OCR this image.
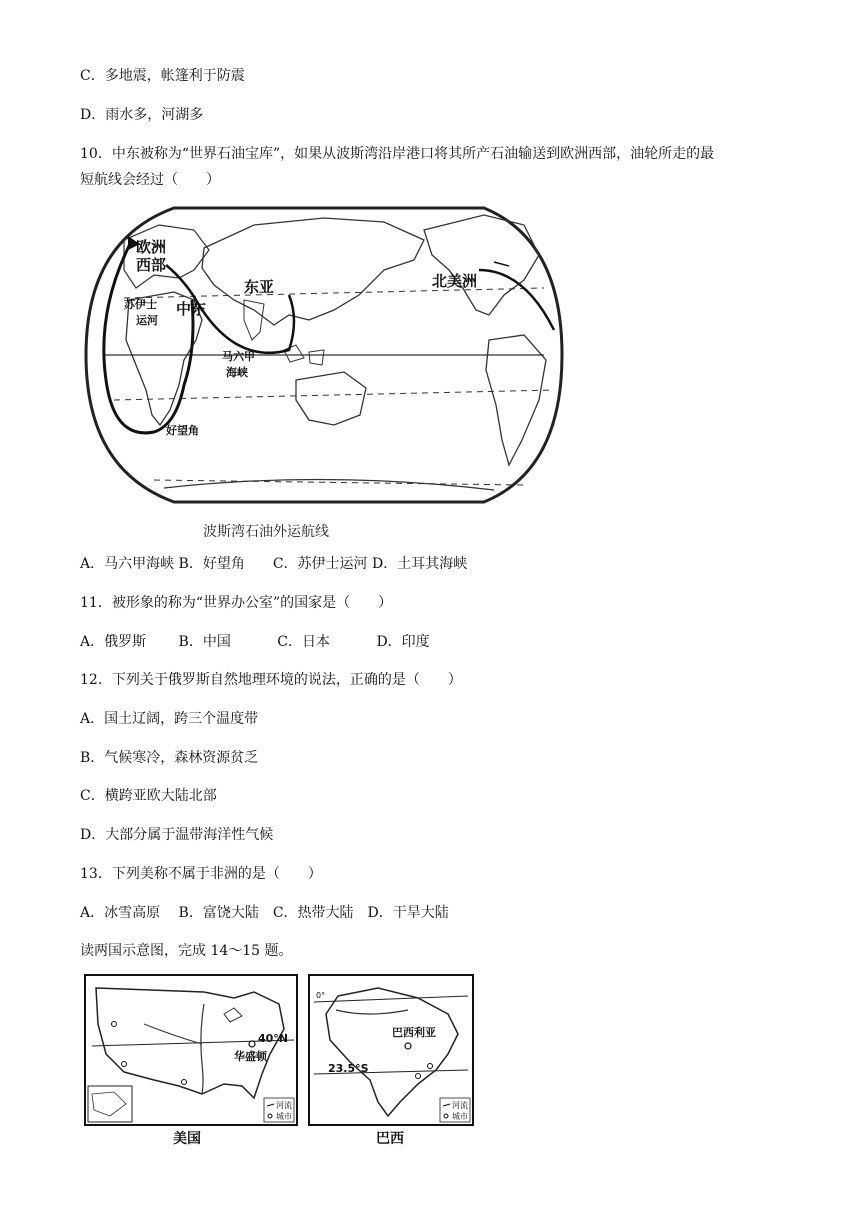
C．多地震，帐篷利于防震
D．雨水多，河湖多
10．中东被称为“世界石油宝库”，如果从波斯湾沿岸港口将其所产石油输送到欧洲西部，油轮所走的最
短航线会经过（　　）
欧洲
西部
苏伊士
运河
中东
东亚
马六甲
海峡
好望角
北美洲
波斯湾石油外运航线
A．马六甲海峡 B．好望角　　C．苏伊士运河 D．土耳其海峡
11．被形象的称为“世界办公室”的国家是（　　）
A．俄罗斯　　 B．中国　　　 C．日本　　　 D．印度
12．下列关于俄罗斯自然地理环境的说法，正确的是（　　）
A．国土辽阔，跨三个温度带
B．气候寒冷，森林资源贫乏
C．横跨亚欧大陆北部
D．大部分属于温带海洋性气候
13．下列美称不属于非洲的是（　　）
A．冰雪高原　 B．富饶大陆　C．热带大陆　D．干旱大陆
读两国示意图，完成 14～15 题。
华盛顿
40°N
河流
城市
美国
0°
23.5°S
巴西利亚
河流
城市
巴西
